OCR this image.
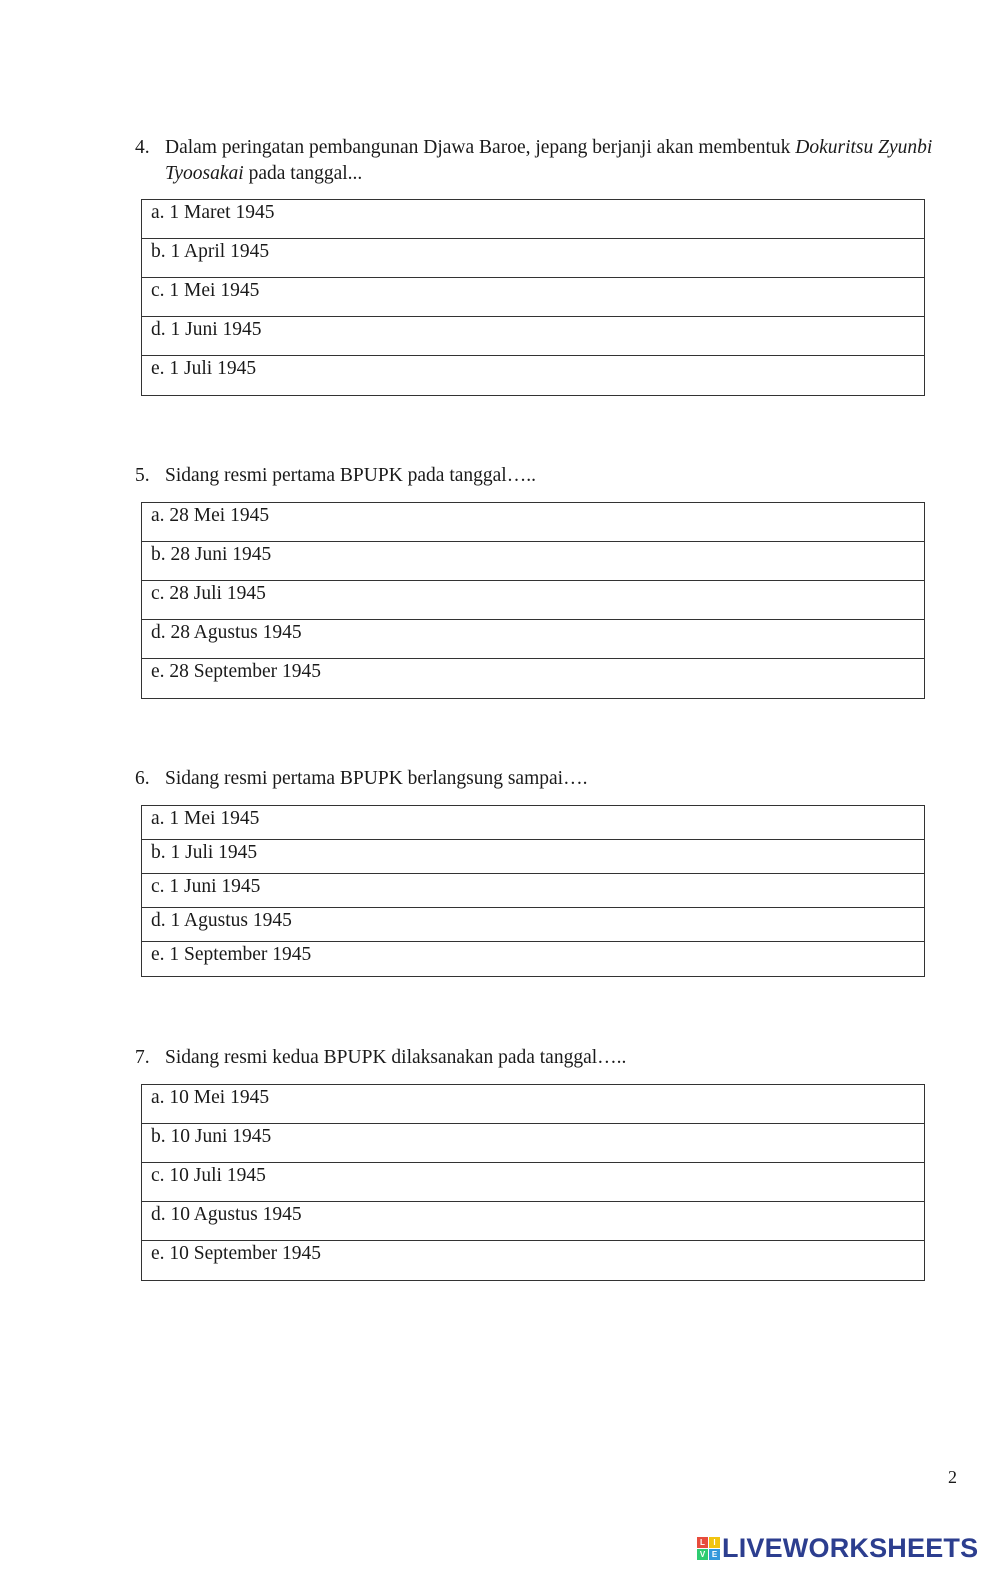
4. Dalam peringatan pembangunan Djawa Baroe, jepang berjanji akan membentuk Dokuritsu Zyunbi Tyoosakai pada tanggal...
a. 1 Maret 1945
b. 1 April 1945
c. 1 Mei 1945
d. 1 Juni 1945
e. 1 Juli 1945
5. Sidang resmi pertama BPUPK pada tanggal…..
a. 28 Mei 1945
b. 28 Juni 1945
c. 28 Juli 1945
d. 28 Agustus 1945
e. 28 September 1945
6. Sidang resmi pertama BPUPK berlangsung sampai….
a. 1 Mei 1945
b. 1 Juli 1945
c. 1 Juni 1945
d. 1 Agustus 1945
e. 1 September 1945
7. Sidang resmi kedua BPUPK dilaksanakan pada tanggal…..
a. 10 Mei 1945
b. 10 Juni 1945
c. 10 Juli 1945
d. 10 Agustus 1945
e. 10 September 1945
2
L	I
V E LIVEWORKSHEETS
